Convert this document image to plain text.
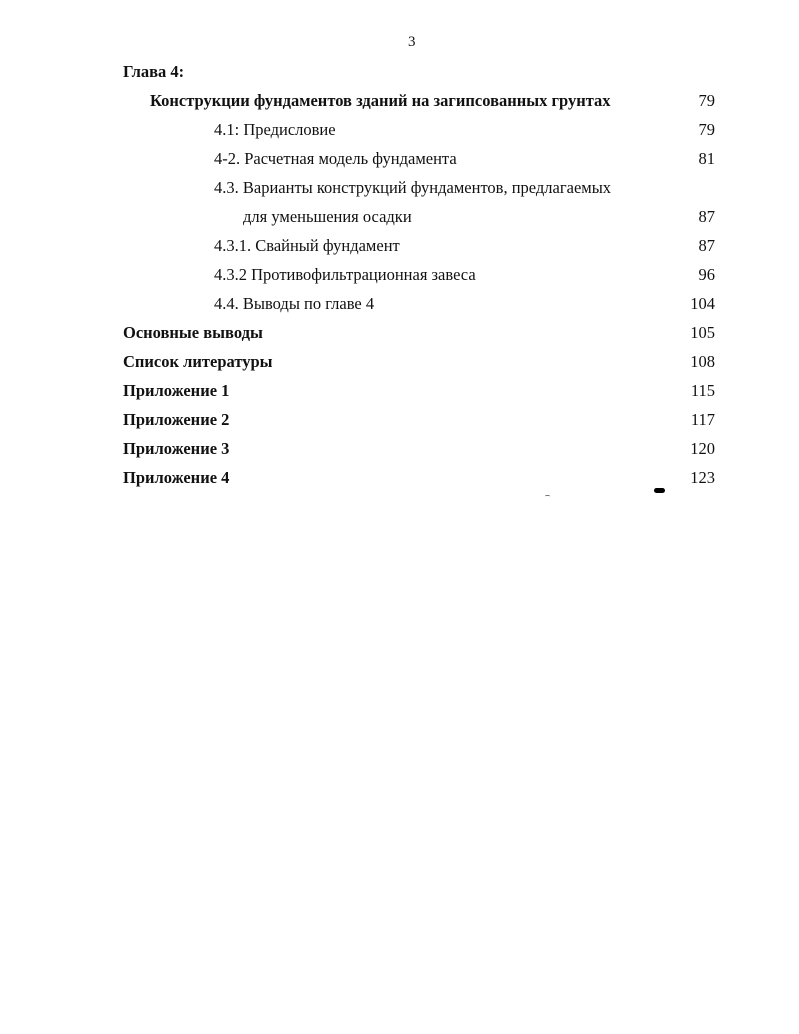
3
Глава 4:
Конструкции фундаментов зданий на загипсованных грунтах	79
4.1: Предисловие	79
4-2. Расчетная модель фундамента	81
4.3. Варианты конструкций фундаментов, предлагаемых
для уменьшения осадки	87
4.3.1. Свайный фундамент	87
4.3.2 Противофильтрационная завеса	96
4.4. Выводы по главе 4	104
Основные выводы	105
Список литературы	108
Приложение 1	115
Приложение 2	117
Приложение 3	120
Приложение 4	123
